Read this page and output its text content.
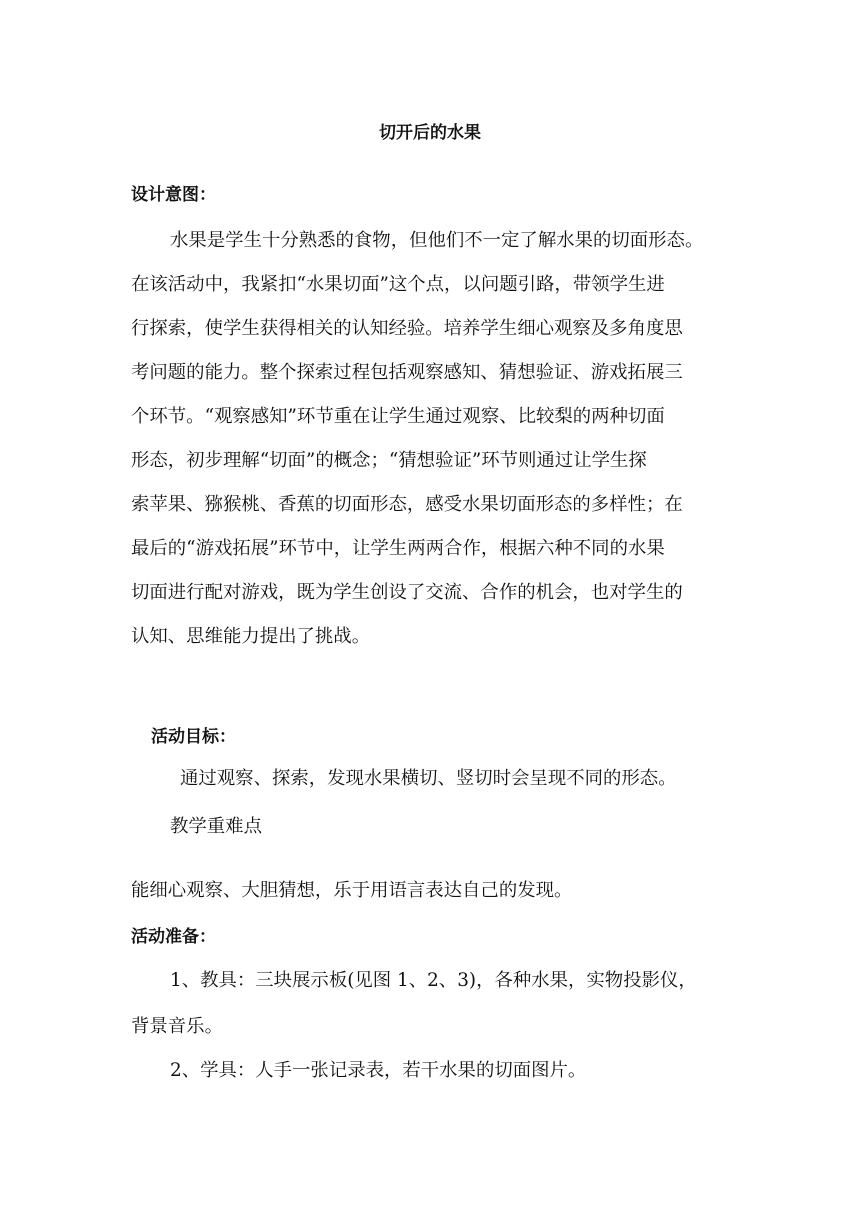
切开后的水果
设计意图：
水果是学生十分熟悉的食物，但他们不一定了解水果的切面形态。
在该活动中，我紧扣“水果切面”这个点，以问题引路，带领学生进
行探索，使学生获得相关的认知经验。培养学生细心观察及多角度思
考问题的能力。整个探索过程包括观察感知、猜想验证、游戏拓展三
个环节。“观察感知”环节重在让学生通过观察、比较梨的两种切面
形态，初步理解“切面”的概念；“猜想验证”环节则通过让学生探
索苹果、猕猴桃、香蕉的切面形态，感受水果切面形态的多样性；在
最后的“游戏拓展”环节中，让学生两两合作，根据六种不同的水果
切面进行配对游戏，既为学生创设了交流、合作的机会，也对学生的
认知、思维能力提出了挑战。
活动目标：
通过观察、探索，发现水果横切、竖切时会呈现不同的形态。
教学重难点
能细心观察、大胆猜想，乐于用语言表达自己的发现。
活动准备：
1、教具：三块展示板(见图 1、2、3)，各种水果，实物投影仪，
背景音乐。
2、学具：人手一张记录表，若干水果的切面图片。
